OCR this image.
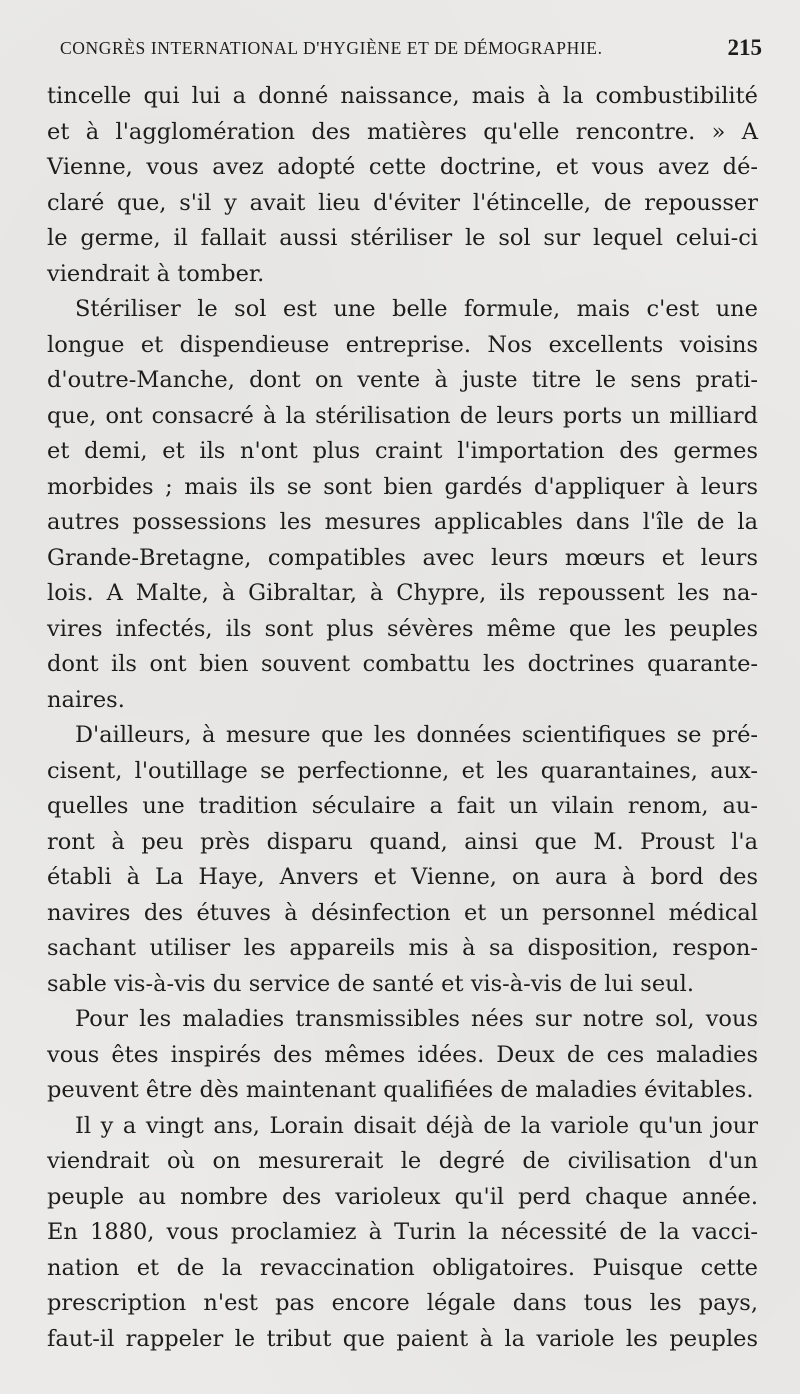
CONGRÈS INTERNATIONAL D'HYGIÈNE ET DE DÉMOGRAPHIE.	215
tincelle qui lui a donné naissance, mais à la combustibilité
et à l'agglomération des matières qu'elle rencontre. » A
Vienne, vous avez adopté cette doctrine, et vous avez dé-
claré que, s'il y avait lieu d'éviter l'étincelle, de repousser
le germe, il fallait aussi stériliser le sol sur lequel celui-ci
viendrait à tomber.
Stériliser le sol est une belle formule, mais c'est une
longue et dispendieuse entreprise. Nos excellents voisins
d'outre-Manche, dont on vente à juste titre le sens prati-
que, ont consacré à la stérilisation de leurs ports un milliard
et demi, et ils n'ont plus craint l'importation des germes
morbides ; mais ils se sont bien gardés d'appliquer à leurs
autres possessions les mesures applicables dans l'île de la
Grande-Bretagne, compatibles avec leurs mœurs et leurs
lois. A Malte, à Gibraltar, à Chypre, ils repoussent les na-
vires infectés, ils sont plus sévères même que les peuples
dont ils ont bien souvent combattu les doctrines quarante-
naires.
D'ailleurs, à mesure que les données scientifiques se pré-
cisent, l'outillage se perfectionne, et les quarantaines, aux-
quelles une tradition séculaire a fait un vilain renom, au-
ront à peu près disparu quand, ainsi que M. Proust l'a
établi à La Haye, Anvers et Vienne, on aura à bord des
navires des étuves à désinfection et un personnel médical
sachant utiliser les appareils mis à sa disposition, respon-
sable vis-à-vis du service de santé et vis-à-vis de lui seul.
Pour les maladies transmissibles nées sur notre sol, vous
vous êtes inspirés des mêmes idées. Deux de ces maladies
peuvent être dès maintenant qualifiées de maladies évitables.
Il y a vingt ans, Lorain disait déjà de la variole qu'un jour
viendrait où on mesurerait le degré de civilisation d'un
peuple au nombre des varioleux qu'il perd chaque année.
En 1880, vous proclamiez à Turin la nécessité de la vacci-
nation et de la revaccination obligatoires. Puisque cette
prescription n'est pas encore légale dans tous les pays,
faut-il rappeler le tribut que paient à la variole les peuples
